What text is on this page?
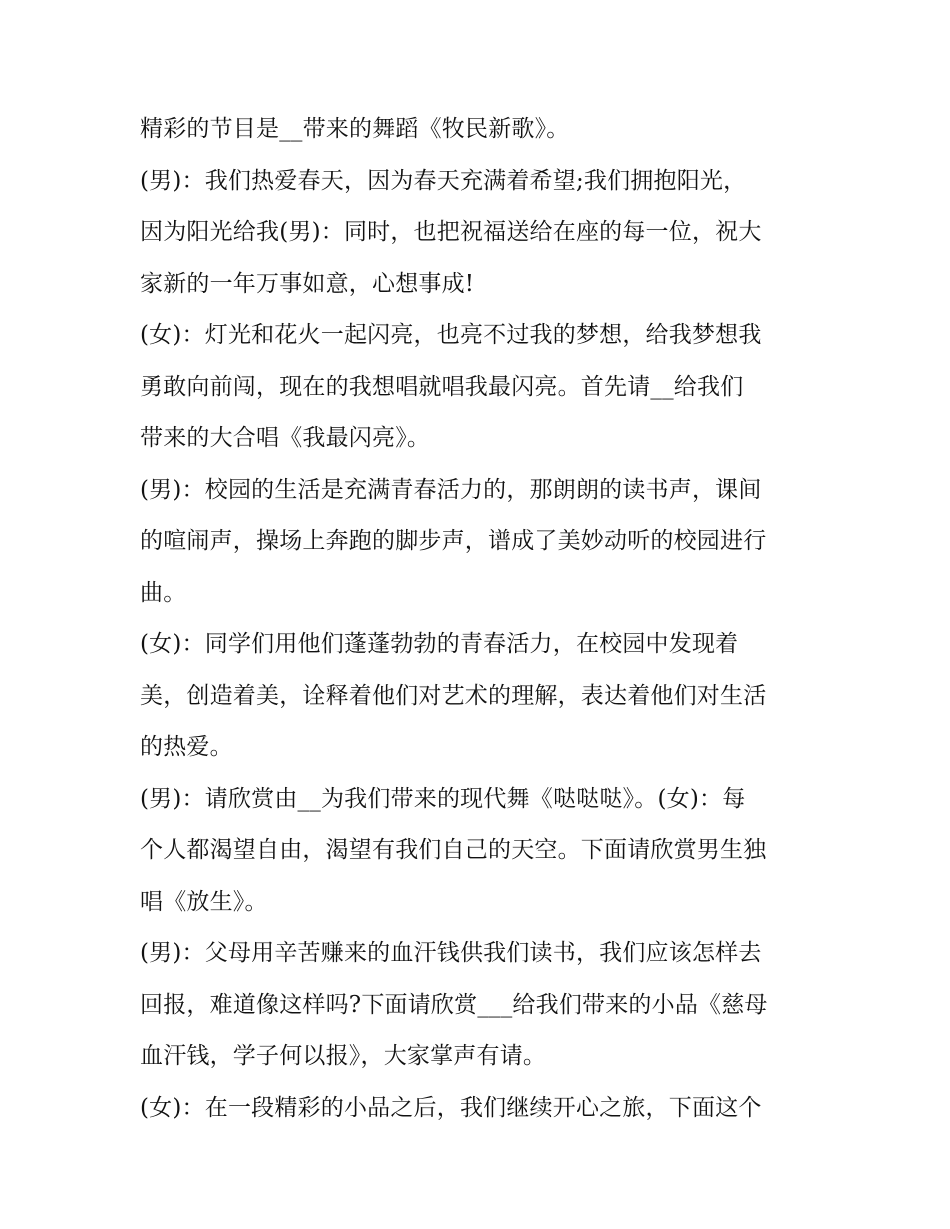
精彩的节目是__带来的舞蹈《牧民新歌》。
(男)：我们热爱春天，因为春天充满着希望;我们拥抱阳光，
因为阳光给我(男)：同时，也把祝福送给在座的每一位，祝大
家新的一年万事如意，心想事成!
(女)：灯光和花火一起闪亮，也亮不过我的梦想，给我梦想我
勇敢向前闯，现在的我想唱就唱我最闪亮。首先请__给我们
带来的大合唱《我最闪亮》。
(男)：校园的生活是充满青春活力的，那朗朗的读书声，课间
的喧闹声，操场上奔跑的脚步声，谱成了美妙动听的校园进行
曲。
(女)：同学们用他们蓬蓬勃勃的青春活力，在校园中发现着
美，创造着美，诠释着他们对艺术的理解，表达着他们对生活
的热爱。
(男)：请欣赏由__为我们带来的现代舞《哒哒哒》。(女)：每
个人都渴望自由，渴望有我们自己的天空。下面请欣赏男生独
唱《放生》。
(男)：父母用辛苦赚来的血汗钱供我们读书，我们应该怎样去
回报，难道像这样吗?下面请欣赏___给我们带来的小品《慈母
血汗钱，学子何以报》，大家掌声有请。
(女)：在一段精彩的小品之后，我们继续开心之旅，下面这个
